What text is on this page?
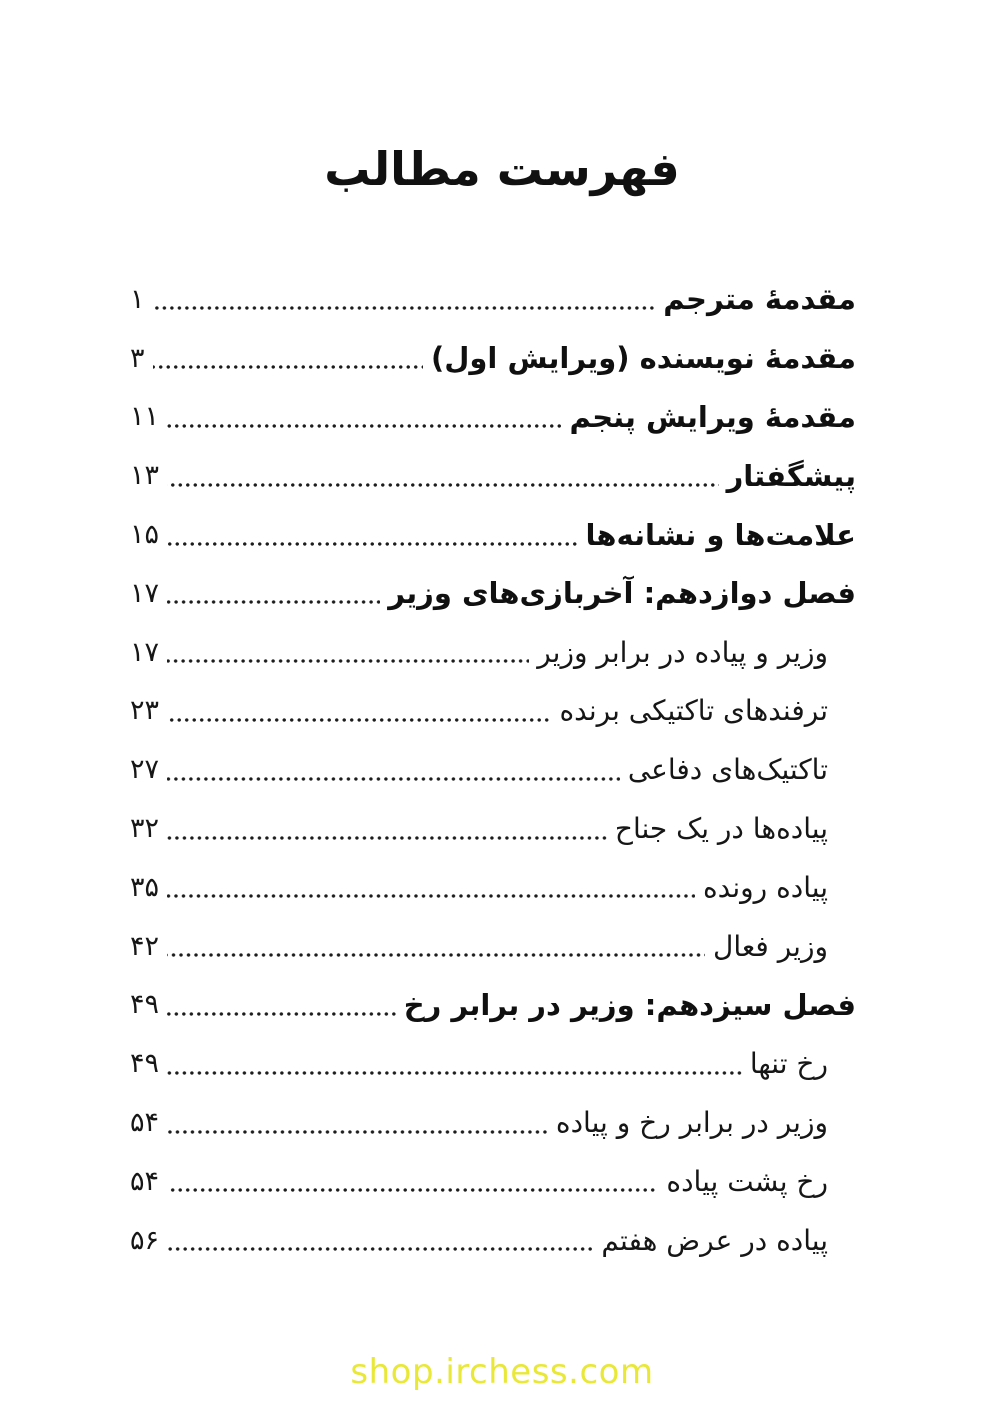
فهرست مطالب
مقدمۀ مترجم
۱
مقدمۀ نویسنده (ویرایش اول)
۳
مقدمۀ ویرایش پنجم
۱۱
پیشگفتار
۱۳
علامت‌ها و نشانه‌ها
۱۵
فصل دوازدهم: آخربازی‌های وزیر
۱۷
وزیر و پیاده در برابر وزیر
۱۷
ترفندهای تاکتیکی برنده
۲۳
تاکتیک‌های دفاعی
۲۷
پیاده‌ها در یک جناح
۳۲
پیاده رونده
۳۵
وزیر فعال
۴۲
فصل سیزدهم: وزیر در برابر رخ
۴۹
رخ تنها
۴۹
وزیر در برابر رخ و پیاده
۵۴
رخ پشت پیاده
۵۴
پیاده در عرض هفتم
۵۶
shop.irchess.com
